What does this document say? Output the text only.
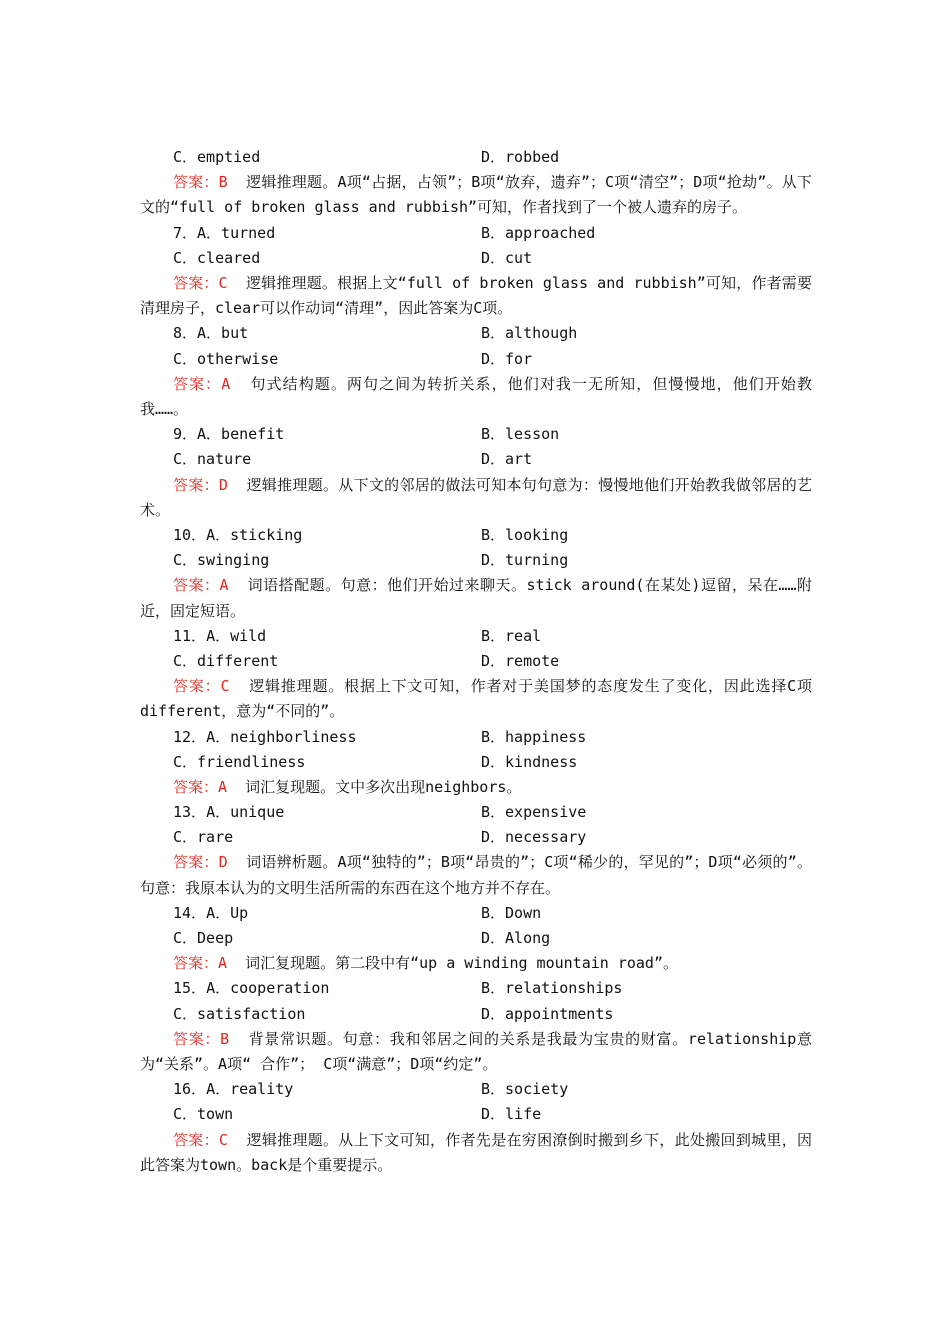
C．emptied	D．robbed
答案：B 逻辑推理题。A项“占据，占领”；B项“放弃，遗弃”；C项“清空”；D项“抢劫”。从下文的“full of broken glass and rubbish”可知，作者找到了一个被人遗弃的房子。
7．A．turned	B．approached
C．cleared	D．cut
答案：C 逻辑推理题。根据上文“full of broken glass and rubbish”可知，作者需要清理房子，clear可以作动词“清理”，因此答案为C项。
8．A．but	B．although
C．otherwise	D．for
答案：A 句式结构题。两句之间为转折关系，他们对我一无所知，但慢慢地，他们开始教我……。
9．A．benefit	B．lesson
C．nature	D．art
答案：D 逻辑推理题。从下文的邻居的做法可知本句句意为：慢慢地他们开始教我做邻居的艺术。
10．A．sticking	B．looking
C．swinging	D．turning
答案：A 词语搭配题。句意：他们开始过来聊天。stick around(在某处)逗留，呆在……附近，固定短语。
11．A．wild	B．real
C．different	D．remote
答案：C 逻辑推理题。根据上下文可知，作者对于美国梦的态度发生了变化，因此选择C项different，意为“不同的”。
12．A．neighborliness	B．happiness
C．friendliness	D．kindness
答案：A 词汇复现题。文中多次出现neighbors。
13．A．unique	B．expensive
C．rare	D．necessary
答案：D 词语辨析题。A项“独特的”；B项“昂贵的”；C项“稀少的，罕见的”；D项“必须的”。句意：我原本认为的文明生活所需的东西在这个地方并不存在。
14．A．Up	B．Down
C．Deep	D．Along
答案：A 词汇复现题。第二段中有“up a winding mountain road”。
15．A．cooperation	B．relationships
C．satisfaction	D．appointments
答案：B 背景常识题。句意：我和邻居之间的关系是我最为宝贵的财富。relationship意为“关系”。A项“ 合作”； C项“满意”；D项“约定”。
16．A．reality	B．society
C．town	D．life
答案：C 逻辑推理题。从上下文可知，作者先是在穷困潦倒时搬到乡下，此处搬回到城里，因此答案为town。back是个重要提示。
